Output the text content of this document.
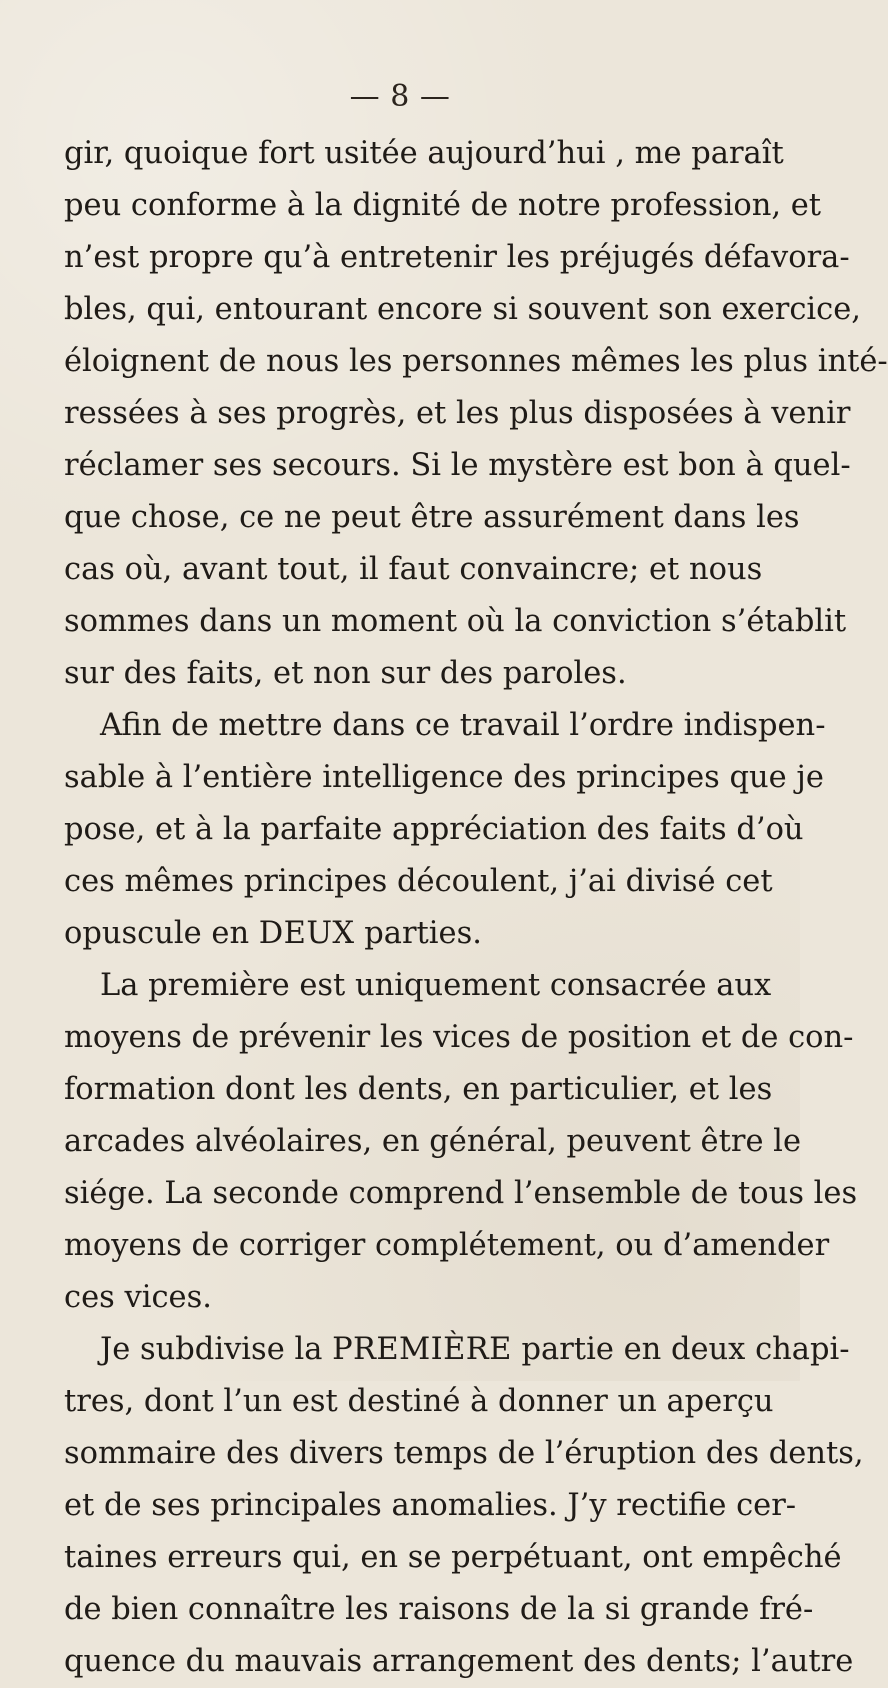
— 8 —
gir, quoique fort usitée aujourd’hui , me paraît
peu conforme à la dignité de notre profession, et
n’est propre qu’à entretenir les préjugés défavora-
bles, qui, entourant encore si souvent son exercice,
éloignent de nous les personnes mêmes les plus inté-
ressées à ses progrès, et les plus disposées à venir
réclamer ses secours. Si le mystère est bon à quel-
que chose, ce ne peut être assurément dans les
cas où, avant tout, il faut convaincre; et nous
sommes dans un moment où la conviction s’établit
sur des faits, et non sur des paroles.
Afin de mettre dans ce travail l’ordre indispen-
sable à l’entière intelligence des principes que je
pose, et à la parfaite appréciation des faits d’où
ces mêmes principes découlent, j’ai divisé cet
opuscule en DEUX parties.
La première est uniquement consacrée aux
moyens de prévenir les vices de position et de con-
formation dont les dents, en particulier, et les
arcades alvéolaires, en général, peuvent être le
siége. La seconde comprend l’ensemble de tous les
moyens de corriger complétement, ou d’amender
ces vices.
Je subdivise la PREMIÈRE partie en deux chapi-
tres, dont l’un est destiné à donner un aperçu
sommaire des divers temps de l’éruption des dents,
et de ses principales anomalies. J’y rectifie cer-
taines erreurs qui, en se perpétuant, ont empêché
de bien connaître les raisons de la si grande fré-
quence du mauvais arrangement des dents; l’autre
